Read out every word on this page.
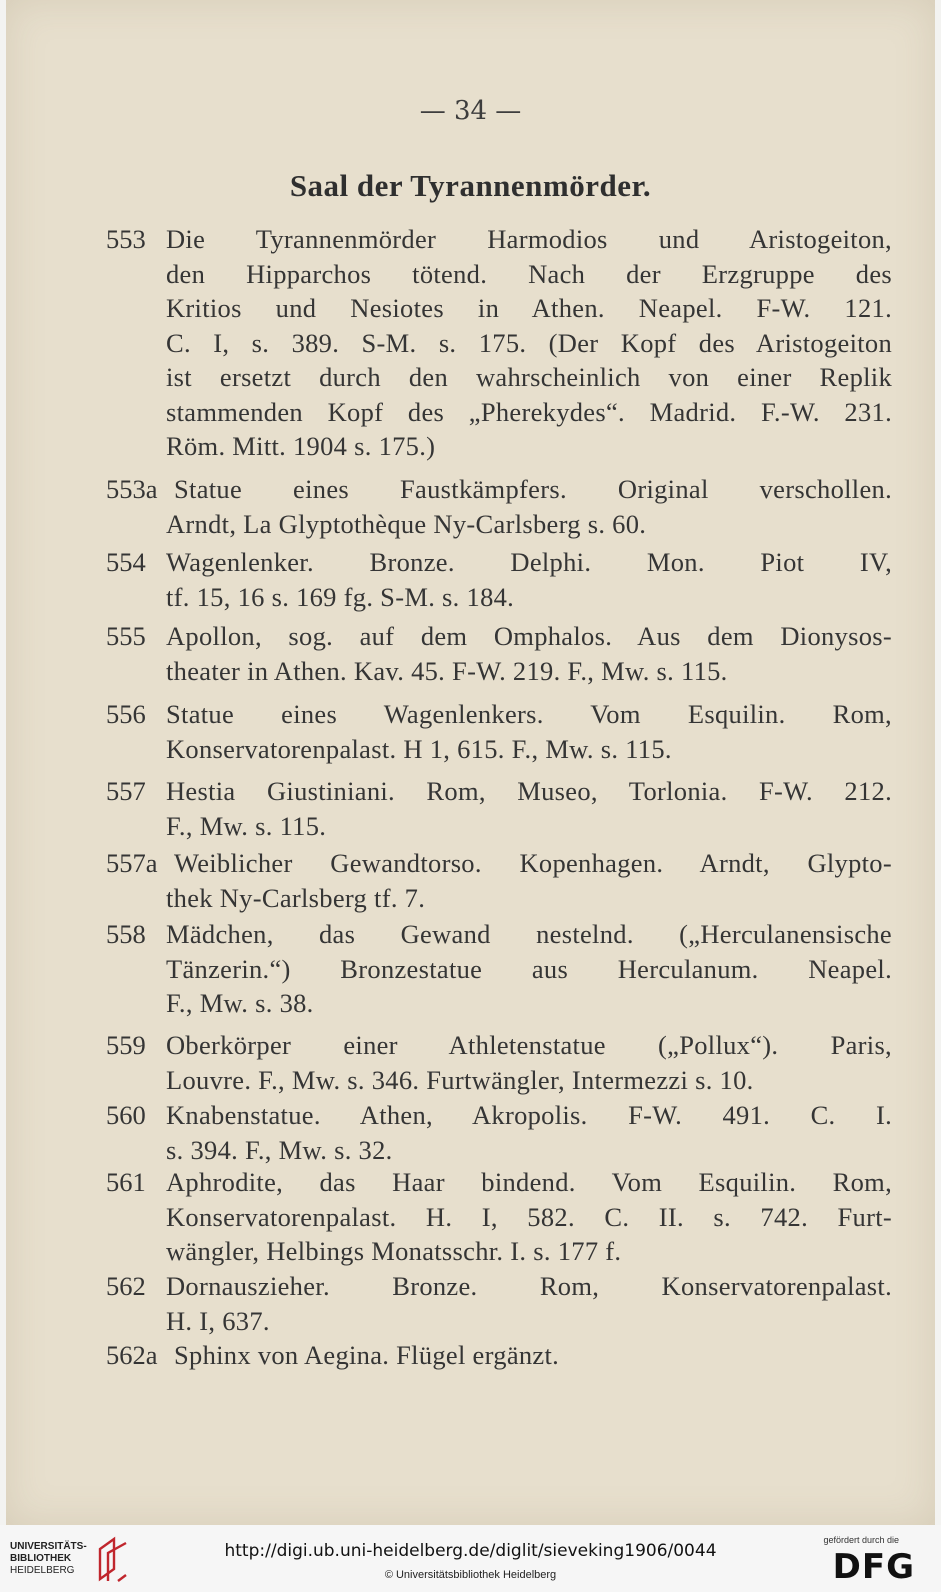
— 34 —
Saal der Tyrannenmörder.
553 Die Tyrannenmörder Harmodios und Aristogeiton,
den Hipparchos tötend. Nach der Erzgruppe des
Kritios und Nesiotes in Athen. Neapel. F-W. 121.
C. I, s. 389. S-M. s. 175. (Der Kopf des Aristogeiton
ist ersetzt durch den wahrscheinlich von einer Replik
stammenden Kopf des „Pherekydes“. Madrid. F.-W. 231.
Röm. Mitt. 1904 s. 175.)
553a Statue eines Faustkämpfers. Original verschollen.
Arndt, La Glyptothèque Ny-Carlsberg s. 60.
554 Wagenlenker. Bronze. Delphi. Mon. Piot IV,
tf. 15, 16 s. 169 fg. S-M. s. 184.
555 Apollon, sog. auf dem Omphalos. Aus dem Dionysos-
theater in Athen. Kav. 45. F-W. 219. F., Mw. s. 115.
556 Statue eines Wagenlenkers. Vom Esquilin. Rom,
Konservatorenpalast. H 1, 615. F., Mw. s. 115.
557 Hestia Giustiniani. Rom, Museo, Torlonia. F-W. 212.
F., Mw. s. 115.
557a Weiblicher Gewandtorso. Kopenhagen. Arndt, Glypto-
thek Ny-Carlsberg tf. 7.
558 Mädchen, das Gewand nestelnd. („Herculanensische
Tänzerin.“) Bronzestatue aus Herculanum. Neapel.
F., Mw. s. 38.
559 Oberkörper einer Athletenstatue („Pollux“). Paris,
Louvre. F., Mw. s. 346. Furtwängler, Intermezzi s. 10.
560 Knabenstatue. Athen, Akropolis. F-W. 491. C. I.
s. 394. F., Mw. s. 32.
561 Aphrodite, das Haar bindend. Vom Esquilin. Rom,
Konservatorenpalast. H. I, 582. C. II. s. 742. Furt-
wängler, Helbings Monatsschr. I. s. 177 f.
562 Dornauszieher. Bronze. Rom, Konservatorenpalast.
H. I, 637.
562a Sphinx von Aegina. Flügel ergänzt.
UNIVERSITÄTS-
BIBLIOTHEK
HEIDELBERG
http://digi.ub.uni-heidelberg.de/diglit/sieveking1906/0044
© Universitätsbibliothek Heidelberg
gefördert durch die
DFG
